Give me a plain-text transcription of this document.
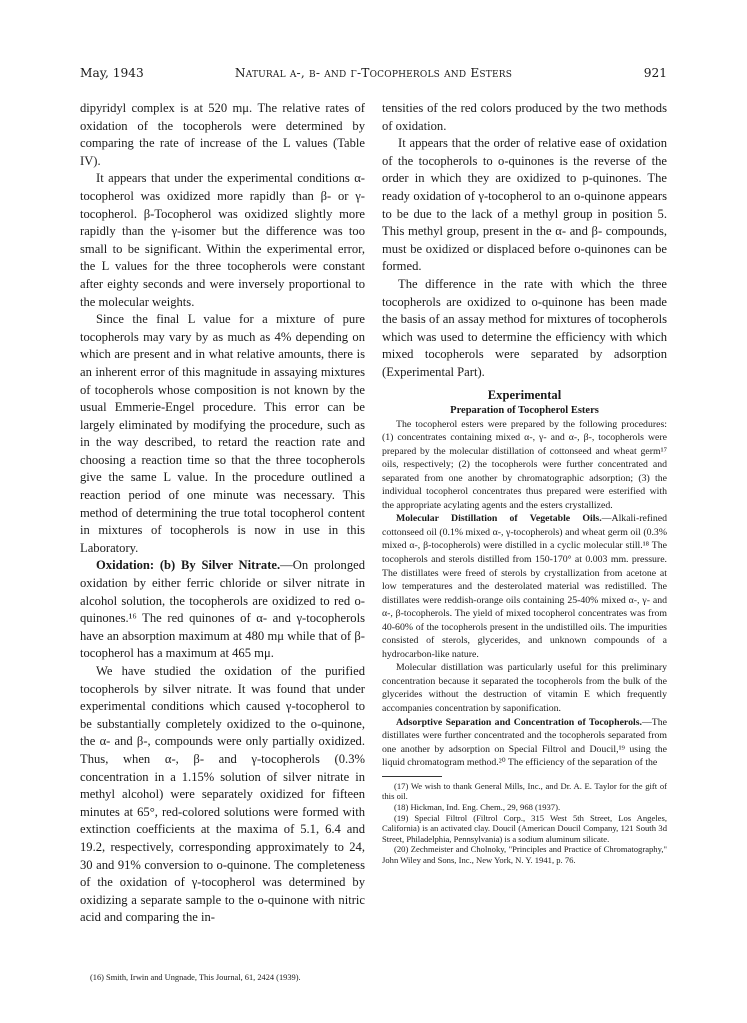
May, 1943	Natural α-, β- and γ-Tocopherols and Esters	921

dipyridyl complex is at 520 mμ. The relative rates of oxidation of the tocopherols were determined by comparing the rate of increase of the L values (Table IV).

It appears that under the experimental conditions α-tocopherol was oxidized more rapidly than β- or γ-tocopherol. β-Tocopherol was oxidized slightly more rapidly than the γ-isomer but the difference was too small to be significant. Within the experimental error, the L values for the three tocopherols were constant after eighty seconds and were inversely proportional to the molecular weights.

Since the final L value for a mixture of pure tocopherols may vary by as much as 4% depending on which are present and in what relative amounts, there is an inherent error of this magnitude in assaying mixtures of tocopherols whose composition is not known by the usual Emmerie-Engel procedure. This error can be largely eliminated by modifying the procedure, such as in the way described, to retard the reaction rate and choosing a reaction time so that the three tocopherols give the same L value. In the procedure outlined a reaction period of one minute was necessary. This method of determining the true total tocopherol content in mixtures of tocopherols is now in use in this Laboratory.

Oxidation: (b) By Silver Nitrate.—On prolonged oxidation by either ferric chloride or silver nitrate in alcohol solution, the tocopherols are oxidized to red o-quinones.¹⁶ The red quinones of α- and γ-tocopherols have an absorption maximum at 480 mμ while that of β-tocopherol has a maximum at 465 mμ.

We have studied the oxidation of the purified tocopherols by silver nitrate. It was found that under experimental conditions which caused γ-tocopherol to be substantially completely oxidized to the o-quinone, the α- and β-, compounds were only partially oxidized. Thus, when α-, β- and γ-tocopherols (0.3% concentration in a 1.15% solution of silver nitrate in methyl alcohol) were separately oxidized for fifteen minutes at 65°, red-colored solutions were formed with extinction coefficients at the maxima of 5.1, 6.4 and 19.2, respectively, corresponding approximately to 24, 30 and 91% conversion to o-quinone. The completeness of the oxidation of γ-tocopherol was determined by oxidizing a separate sample to the o-quinone with nitric acid and comparing the in-

(16) Smith, Irwin and Ungnade, This Journal, 61, 2424 (1939).

tensities of the red colors produced by the two methods of oxidation.

It appears that the order of relative ease of oxidation of the tocopherols to o-quinones is the reverse of the order in which they are oxidized to p-quinones. The ready oxidation of γ-tocopherol to an o-quinone appears to be due to the lack of a methyl group in position 5. This methyl group, present in the α- and β- compounds, must be oxidized or displaced before o-quinones can be formed.

The difference in the rate with which the three tocopherols are oxidized to o-quinone has been made the basis of an assay method for mixtures of tocopherols which was used to determine the efficiency with which mixed tocopherols were separated by adsorption (Experimental Part).

Experimental
Preparation of Tocopherol Esters

The tocopherol esters were prepared by the following procedures: (1) concentrates containing mixed α-, γ- and α-, β-, tocopherols were prepared by the molecular distillation of cottonseed and wheat germ¹⁷ oils, respectively; (2) the tocopherols were further concentrated and separated from one another by chromatographic adsorption; (3) the individual tocopherol concentrates thus prepared were esterified with the appropriate acylating agents and the esters crystallized.

Molecular Distillation of Vegetable Oils.—Alkali-refined cottonseed oil (0.1% mixed α-, γ-tocopherols) and wheat germ oil (0.3% mixed α-, β-tocopherols) were distilled in a cyclic molecular still.¹⁸ The tocopherols and sterols distilled from 150-170° at 0.003 mm. pressure. The distillates were freed of sterols by crystallization from acetone at low temperatures and the desterolated material was redistilled. The distillates were reddish-orange oils containing 25-40% mixed α-, γ- and α-, β-tocopherols. The yield of mixed tocopherol concentrates was from 40-60% of the tocopherols present in the undistilled oils. The impurities consisted of sterols, glycerides, and unknown compounds of a hydrocarbon-like nature.

Molecular distillation was particularly useful for this preliminary concentration because it separated the tocopherols from the bulk of the glycerides without the destruction of vitamin E which frequently accompanies concentration by saponification.

Adsorptive Separation and Concentration of Tocopherols.—The distillates were further concentrated and the tocopherols separated from one another by adsorption on Special Filtrol and Doucil,¹⁹ using the liquid chromatogram method.²⁰ The efficiency of the separation of the

(17) We wish to thank General Mills, Inc., and Dr. A. E. Taylor for the gift of this oil.

(18) Hickman, Ind. Eng. Chem., 29, 968 (1937).

(19) Special Filtrol (Filtrol Corp., 315 West 5th Street, Los Angeles, California) is an activated clay. Doucil (American Doucil Company, 121 South 3d Street, Philadelphia, Pennsylvania) is a sodium aluminum silicate.

(20) Zechmeister and Cholnoky, "Principles and Practice of Chromatography," John Wiley and Sons, Inc., New York, N. Y. 1941, p. 76.
